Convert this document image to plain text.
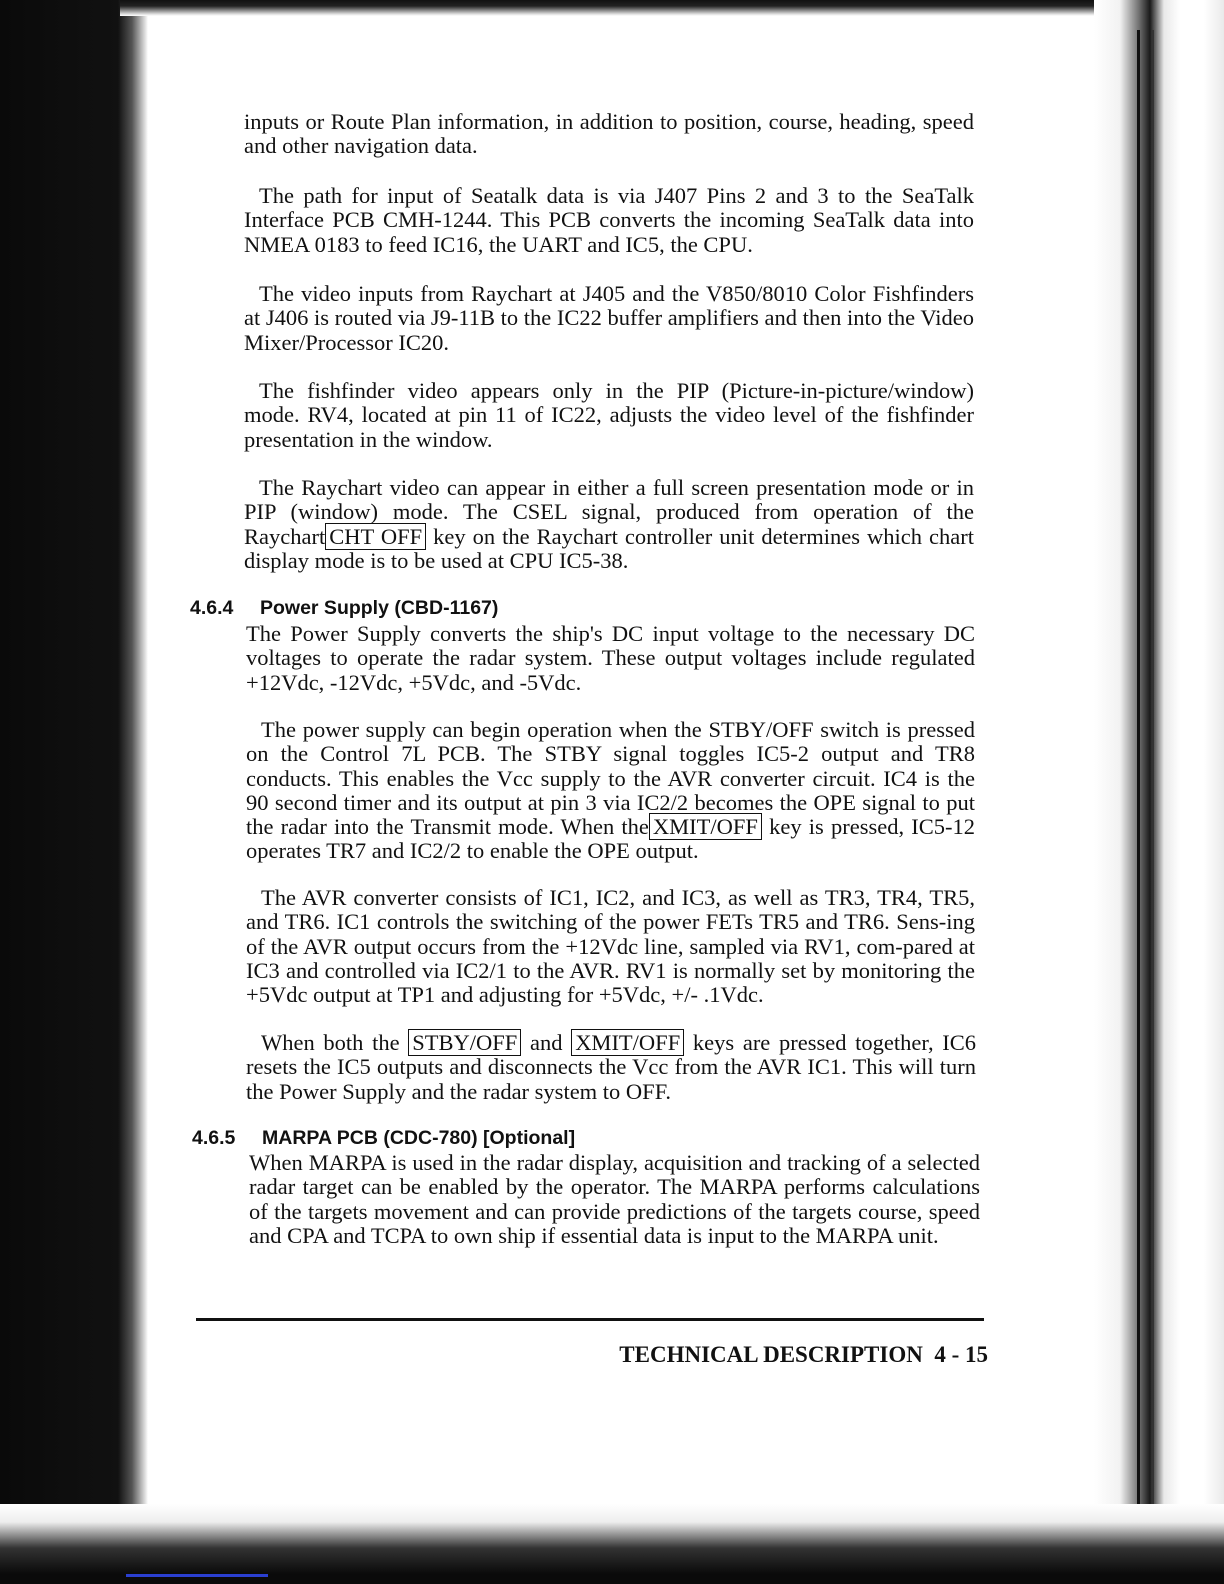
inputs or Route Plan information, in addition to position, course, heading, speed and other navigation data.

The path for input of Seatalk data is via J407 Pins 2 and 3 to the SeaTalk Interface PCB CMH-1244. This PCB converts the incoming SeaTalk data into NMEA 0183 to feed IC16, the UART and IC5, the CPU.

The video inputs from Raychart at J405 and the V850/8010 Color Fishfinders at J406 is routed via J9-11B to the IC22 buffer amplifiers and then into the Video Mixer/Processor IC20.

The fishfinder video appears only in the PIP (Picture-in-picture/window) mode. RV4, located at pin 11 of IC22, adjusts the video level of the fishfinder presentation in the window.

The Raychart video can appear in either a full screen presentation mode or in PIP (window) mode. The CSEL signal, produced from operation of the Raychart CHT OFF key on the Raychart controller unit determines which chart display mode is to be used at CPU IC5-38.

4.6.4 Power Supply (CBD-1167)

The Power Supply converts the ship's DC input voltage to the necessary DC voltages to operate the radar system. These output voltages include regulated +12Vdc, -12Vdc, +5Vdc, and -5Vdc.

The power supply can begin operation when the STBY/OFF switch is pressed on the Control 7L PCB. The STBY signal toggles IC5-2 output and TR8 conducts. This enables the Vcc supply to the AVR converter circuit. IC4 is the 90 second timer and its output at pin 3 via IC2/2 becomes the OPE signal to put the radar into the Transmit mode. When the XMIT/OFF key is pressed, IC5-12 operates TR7 and IC2/2 to enable the OPE output.

The AVR converter consists of IC1, IC2, and IC3, as well as TR3, TR4, TR5, and TR6. IC1 controls the switching of the power FETs TR5 and TR6. Sens-ing of the AVR output occurs from the +12Vdc line, sampled via RV1, com-pared at IC3 and controlled via IC2/1 to the AVR. RV1 is normally set by monitoring the +5Vdc output at TP1 and adjusting for +5Vdc, +/- .1Vdc.

When both the STBY/OFF and XMIT/OFF keys are pressed together, IC6 resets the IC5 outputs and disconnects the Vcc from the AVR IC1. This will turn the Power Supply and the radar system to OFF.

4.6.5 MARPA PCB (CDC-780) [Optional]

When MARPA is used in the radar display, acquisition and tracking of a selected radar target can be enabled by the operator. The MARPA performs calculations of the targets movement and can provide predictions of the targets course, speed and CPA and TCPA to own ship if essential data is input to the MARPA unit.

TECHNICAL DESCRIPTION  4 - 15
